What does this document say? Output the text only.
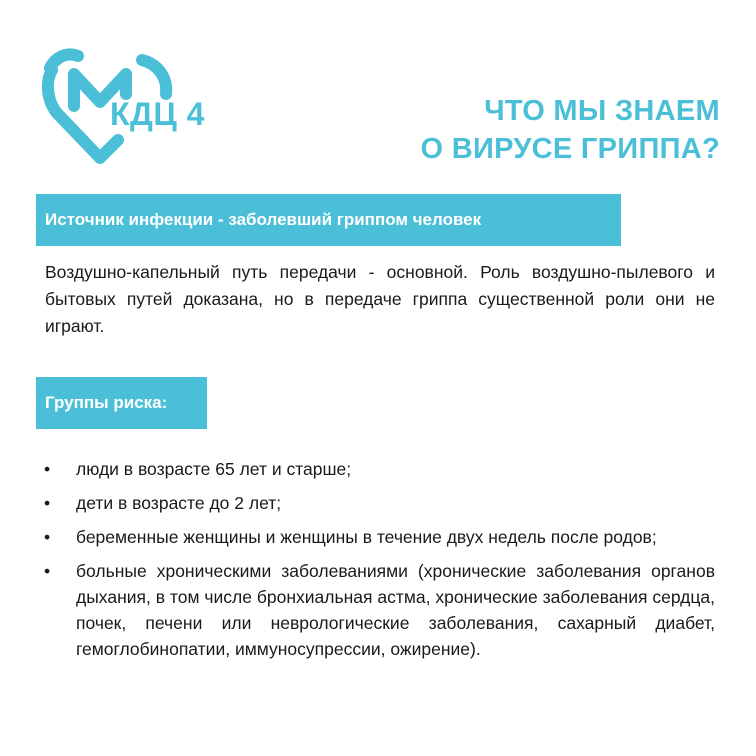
КДЦ 4	ЧТО МЫ ЗНАЕМ
О ВИРУСЕ ГРИППА?
Источник инфекции - заболевший гриппом человек
Воздушно-капельный путь передачи - основной. Роль воздушно-пылевого и бытовых путей доказана, но в передаче гриппа существенной роли они не играют.
Группы риска:
• люди в возрасте 65 лет и старше;
• дети в возрасте до 2 лет;
• беременные женщины и женщины в течение двух недель после родов;
• больные хроническими заболеваниями (хронические заболевания органов дыхания, в том числе бронхиальная астма, хронические заболевания сердца, почек, печени или неврологические заболевания, сахарный диабет, гемоглобинопатии, иммуносупрессии, ожирение).
